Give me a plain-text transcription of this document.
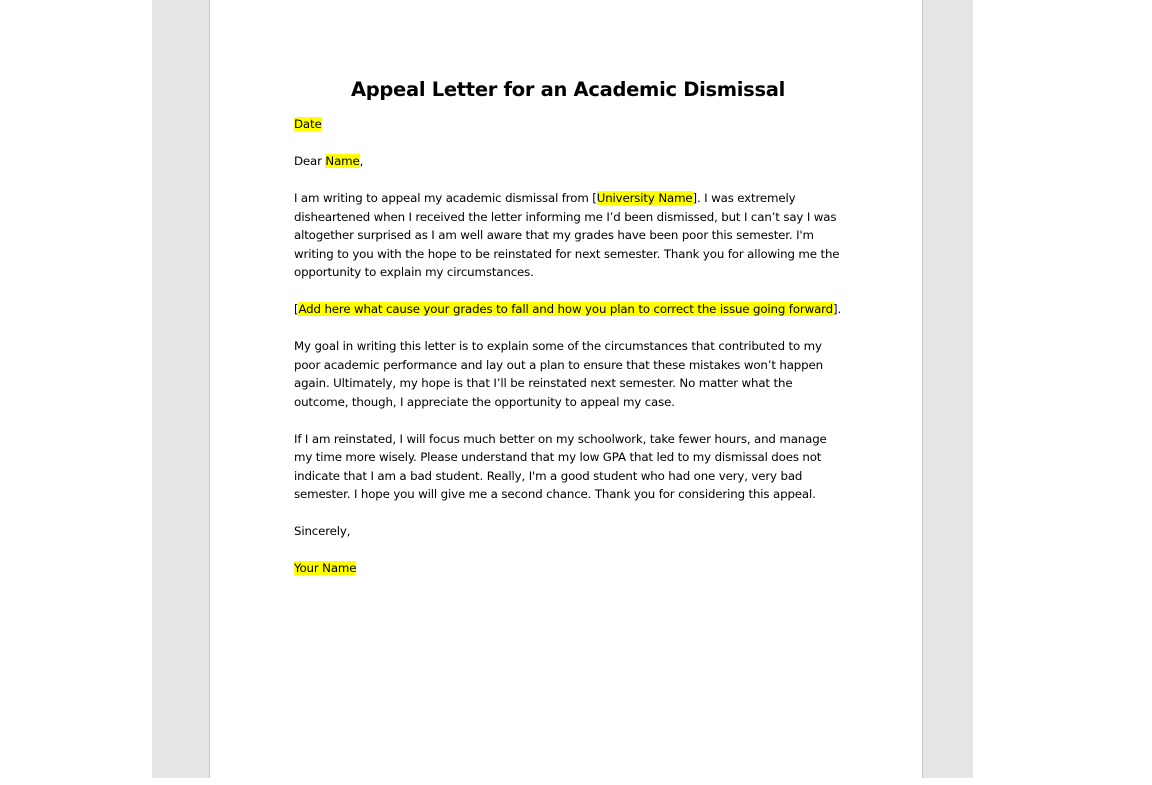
Appeal Letter for an Academic Dismissal

Date

Dear Name,

I am writing to appeal my academic dismissal from [University Name]. I was extremely disheartened when I received the letter informing me I’d been dismissed, but I can’t say I was altogether surprised as I am well aware that my grades have been poor this semester. I'm writing to you with the hope to be reinstated for next semester. Thank you for allowing me the opportunity to explain my circumstances.

[Add here what cause your grades to fall and how you plan to correct the issue going forward].

My goal in writing this letter is to explain some of the circumstances that contributed to my poor academic performance and lay out a plan to ensure that these mistakes won’t happen again. Ultimately, my hope is that I’ll be reinstated next semester. No matter what the outcome, though, I appreciate the opportunity to appeal my case.

If I am reinstated, I will focus much better on my schoolwork, take fewer hours, and manage my time more wisely. Please understand that my low GPA that led to my dismissal does not indicate that I am a bad student. Really, I'm a good student who had one very, very bad semester. I hope you will give me a second chance. Thank you for considering this appeal.

Sincerely,

Your Name
